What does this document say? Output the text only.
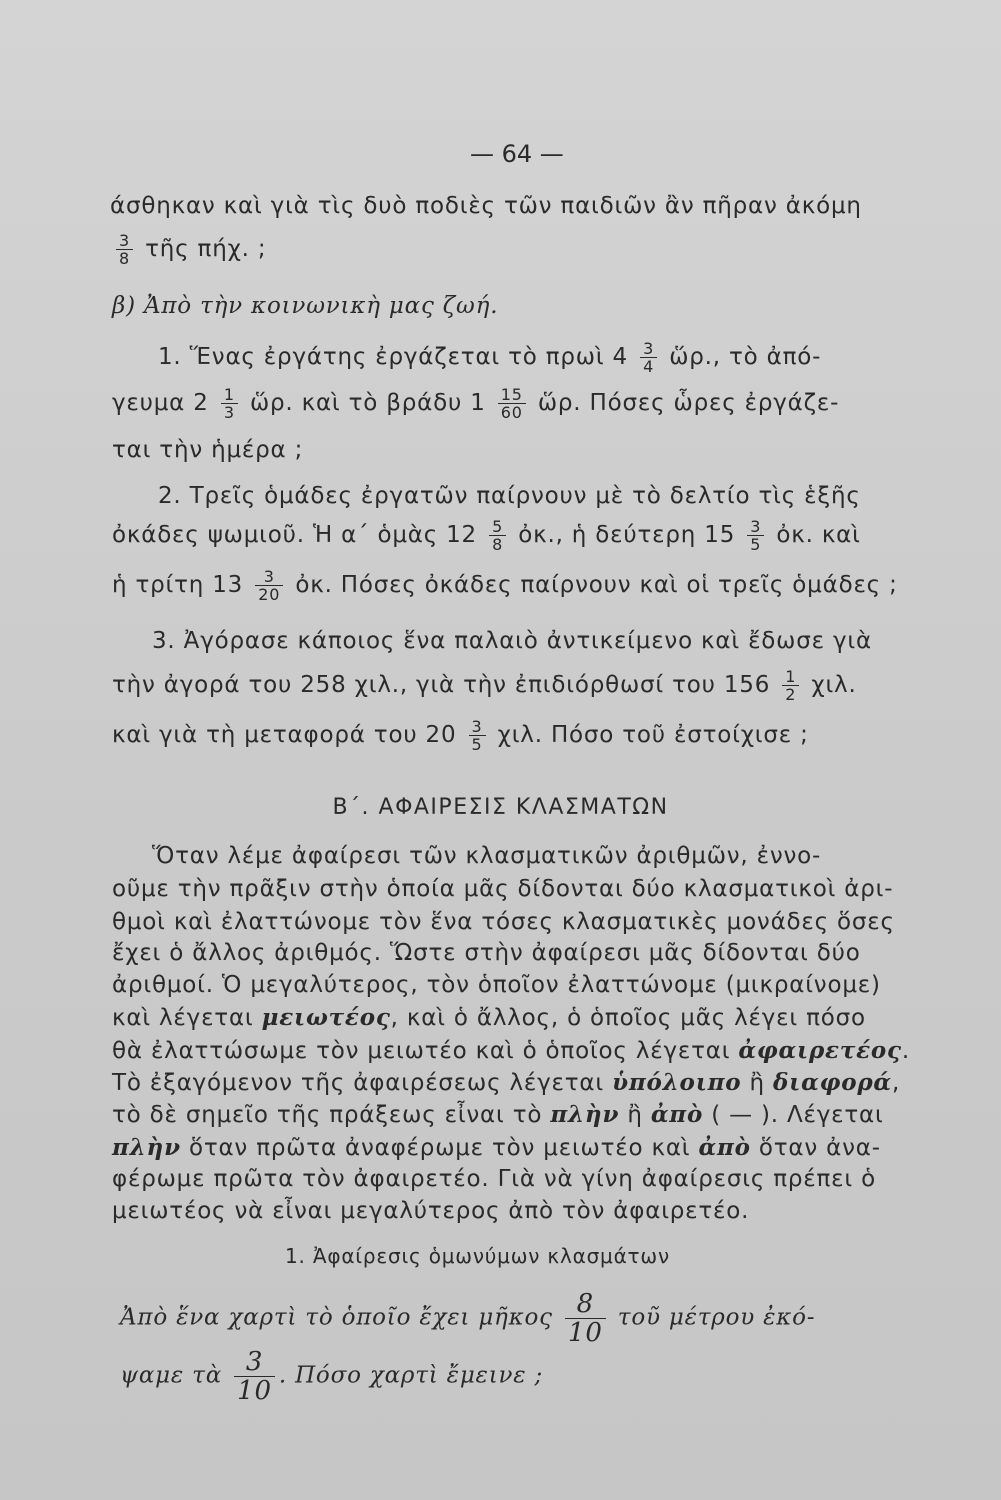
— 64 —
άσθηκαν καὶ γιὰ τὶς δυὸ ποδιὲς τῶν παιδιῶν ἂν πῆραν ἀκόμη
$\frac{3}{8}$ τῆς πήχ. ;
β) Ἀπὸ τὴν κοινωνικὴ μας ζωή.
1. Ἕνας ἐργάτης ἐργάζεται τὸ πρωὶ $4 \frac{3}{4}$ ὥρ., τὸ ἀπό-
γευμα $2 \frac{1}{3}$ ὥρ. καὶ τὸ βράδυ $1 \frac{15}{60}$ ὥρ. Πόσες ὧρες ἐργάζε-
ται τὴν ἡμέρα ;
2. Τρεῖς ὁμάδες ἐργατῶν παίρνουν μὲ τὸ δελτίο τὶς ἑξῆς
ὀκάδες ψωμιοῦ. Ἡ α΄ ὁμὰς $12 \frac{5}{8}$ ὀκ., ἡ δεύτερη $15 \frac{3}{5}$ ὀκ. καὶ
ἡ τρίτη $13 \frac{3}{20}$ ὀκ. Πόσες ὀκάδες παίρνουν καὶ οἱ τρεῖς ὁμάδες ;
3. Ἀγόρασε κάποιος ἕνα παλαιὸ ἀντικείμενο καὶ ἔδωσε γιὰ
τὴν ἀγορά του 258 χιλ., γιὰ τὴν ἐπιδιόρθωσί του $156 \frac{1}{2} \chi\iota\lambda$.
καὶ γιὰ τὴ μεταφορά του $20 \frac{3}{5} \chi\iota\lambda$. Πόσο τοῦ ἐστοίχισε ;
Β΄. ΑΦΑΙΡΕΣΙΣ ΚΛΑΣΜΑΤΩΝ
Ὅταν λέμε ἀφαίρεσι τῶν κλασματικῶν ἀριθμῶν, ἐννο-
οῦμε τὴν πρᾶξιν στὴν ὁποία μᾶς δίδονται δύο κλασματικοὶ ἀρι-
θμοὶ καὶ ἐλαττώνομε τὸν ἕνα τόσες κλασματικὲς μονάδες ὅσες
ἔχει ὁ ἄλλος ἀριθμός. Ὥστε στὴν ἀφαίρεσι μᾶς δίδονται δύο
ἀριθμοί. Ὁ μεγαλύτερος, τὸν ὁποῖον ἐλαττώνομε (μικραίνομε)
καὶ λέγεται μειωτέος, καὶ ὁ ἄλλος, ὁ ὁποῖος μᾶς λέγει πόσο
θὰ ἐλαττώσωμε τὸν μειωτέο καὶ ὁ ὁποῖος λέγεται ἀφαιρετέος.
Τὸ ἐξαγόμενον τῆς ἀφαιρέσεως λέγεται ὑπόλοιπο ἢ διαφορά,
τὸ δὲ σημεῖο τῆς πράξεως εἶναι τὸ πλὴν ἢ ἀπὸ ( — ). Λέγεται
πλὴν ὅταν πρῶτα ἀναφέρωμε τὸν μειωτέο καὶ ἀπὸ ὅταν ἀνα-
φέρωμε πρῶτα τὸν ἀφαιρετέο. Γιὰ νὰ γίνη ἀφαίρεσις πρέπει ὁ
μειωτέος νὰ εἶναι μεγαλύτερος ἀπὸ τὸν ἀφαιρετέο.
1. Ἀφαίρεσις ὁμωνύμων κλασμάτων
Ἀπὸ ἕνα χαρτὶ τὸ ὁποῖο ἔχει μῆκος $\frac{8}{10}$ τοῦ μέτρου ἐκό-
ψαμε τὰ $\frac{3}{10}$ . Πόσο χαρτὶ ἔμεινε ;
